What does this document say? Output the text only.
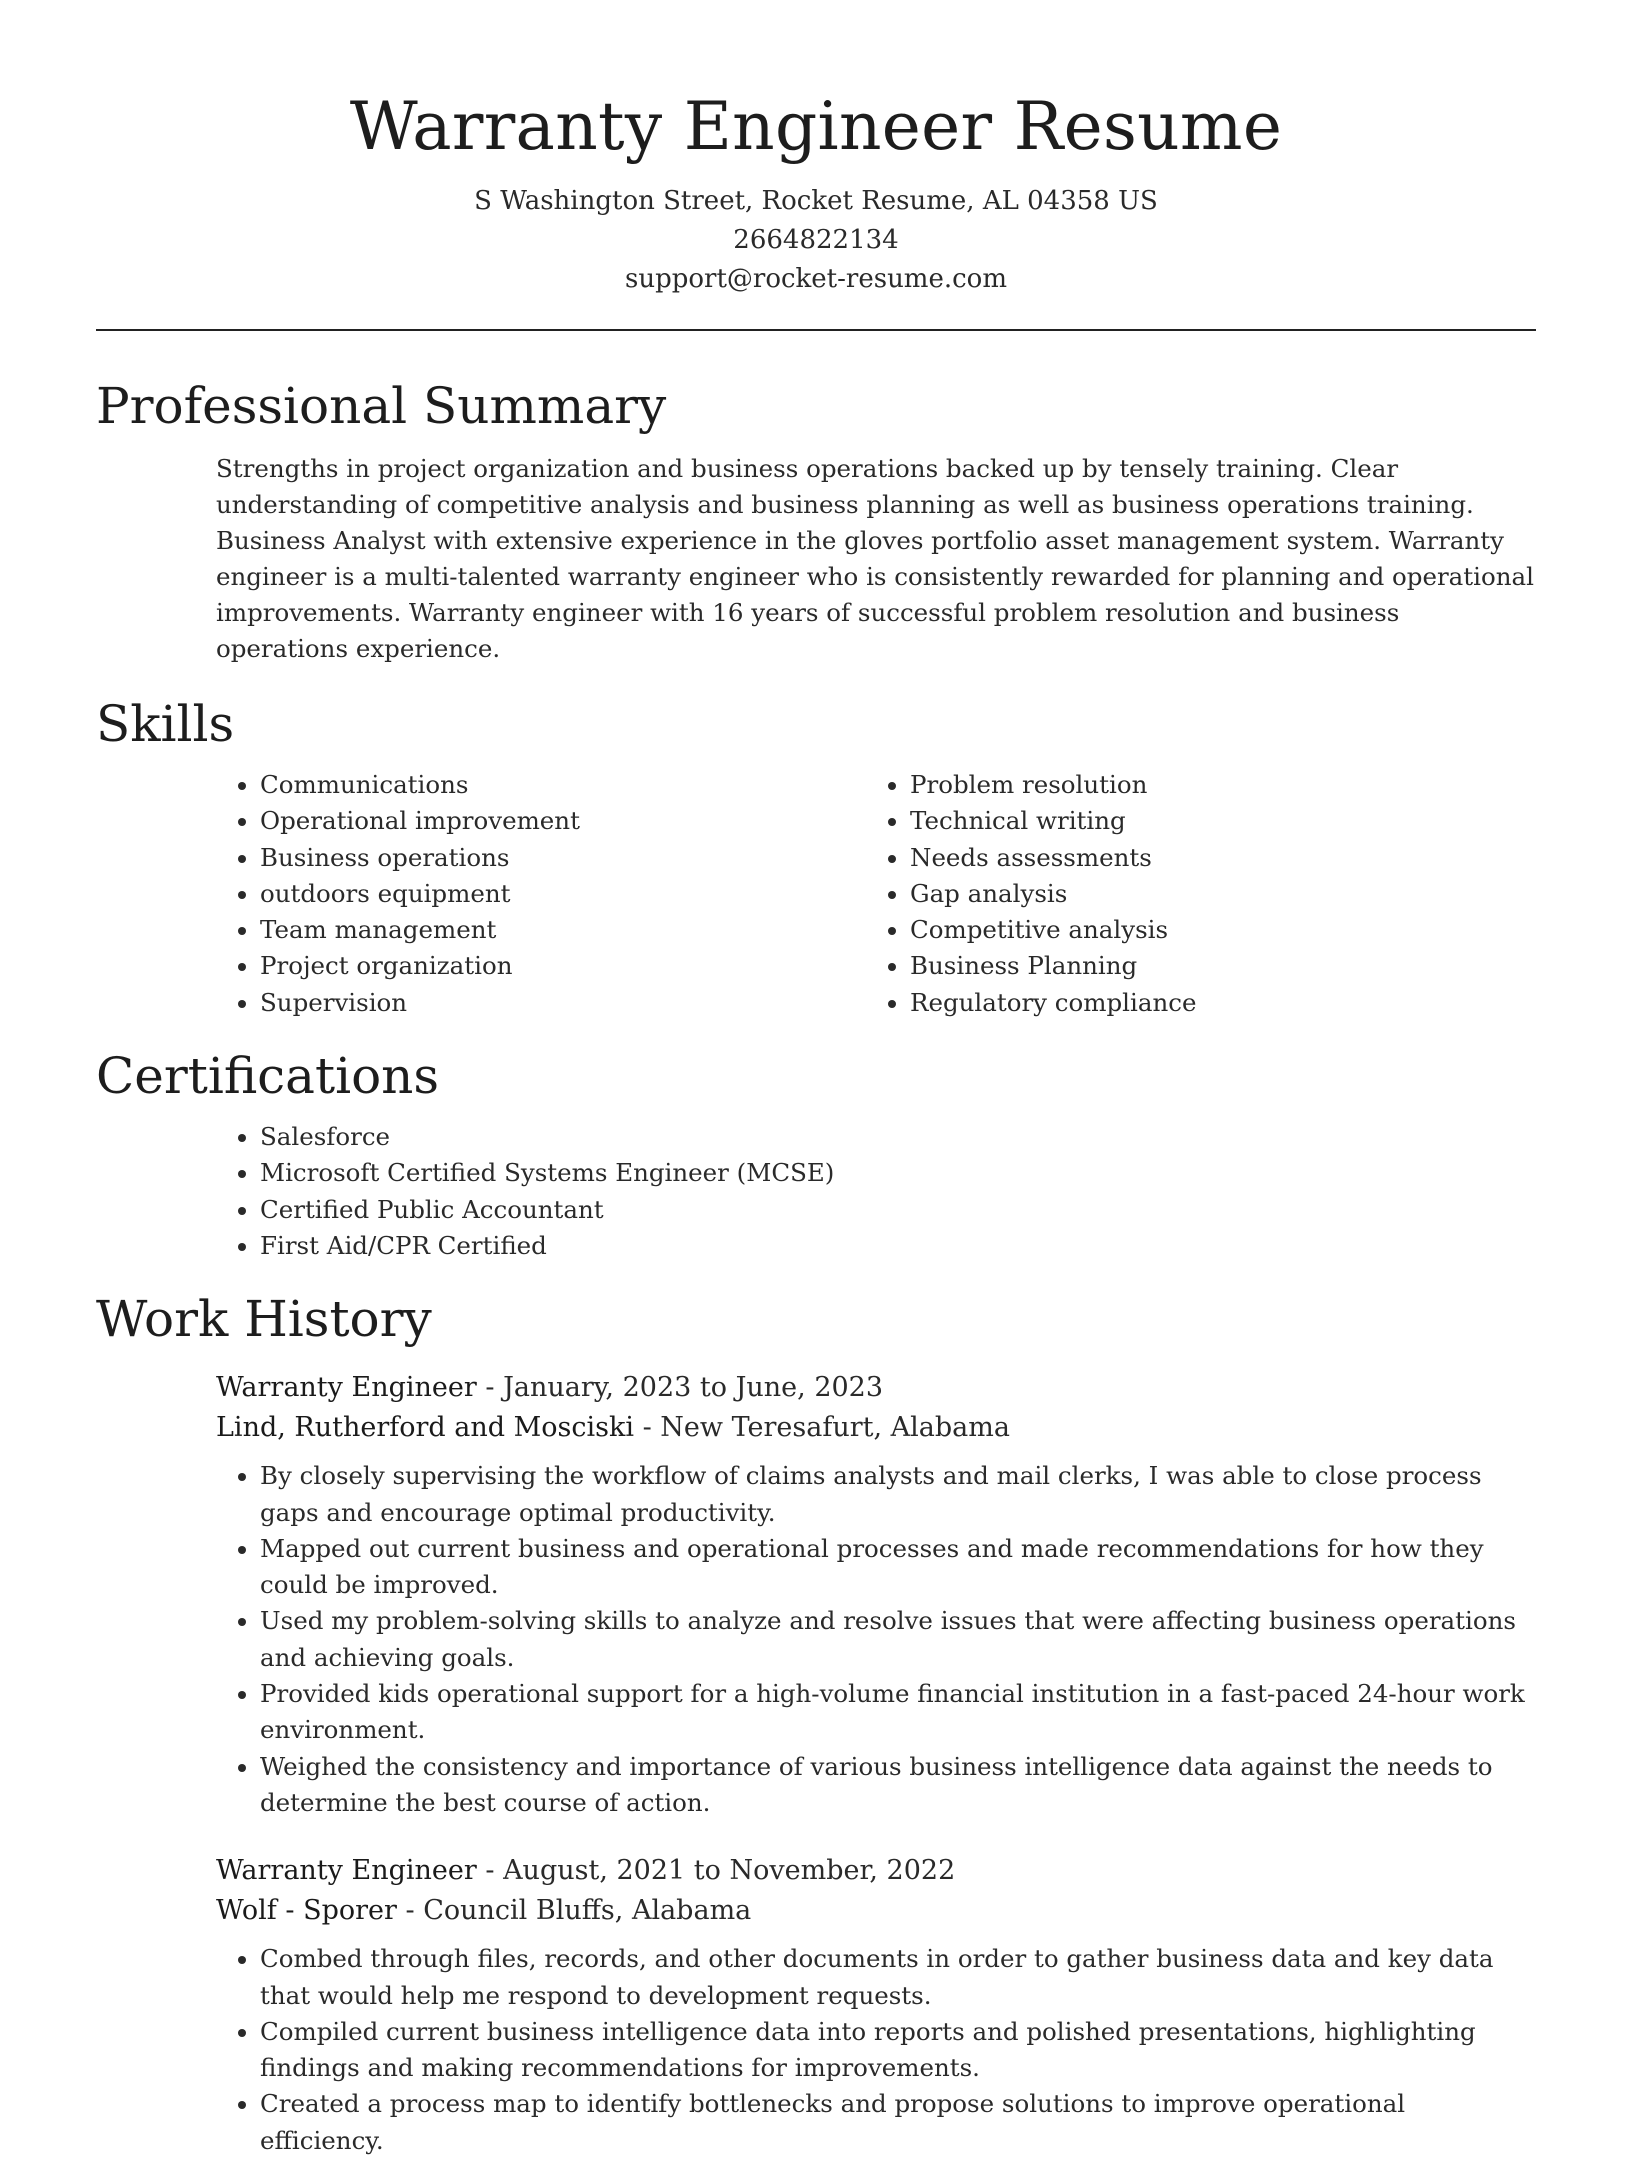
Warranty Engineer Resume
S Washington Street, Rocket Resume, AL 04358 US
2664822134
support@rocket-resume.com
Professional Summary

Strengths in project organization and business operations backed up by tensely training. Clear understanding of competitive analysis and business planning as well as business operations training. Business Analyst with extensive experience in the gloves portfolio asset management system. Warranty engineer is a multi-talented warranty engineer who is consistently rewarded for planning and operational improvements. Warranty engineer with 16 years of successful problem resolution and business operations experience.

Skills
• Communications
• Operational improvement
• Business operations
• outdoors equipment
• Team management
• Project organization
• Supervision
• Problem resolution
• Technical writing
• Needs assessments
• Gap analysis
• Competitive analysis
• Business Planning
• Regulatory compliance
Certifications
• Salesforce
• Microsoft Certified Systems Engineer (MCSE)
• Certified Public Accountant
• First Aid/CPR Certified
Work History
Warranty Engineer - January, 2023 to June, 2023
Lind, Rutherford and Mosciski - New Teresafurt, Alabama
• By closely supervising the workflow of claims analysts and mail clerks, I was able to close process gaps and encourage optimal productivity.
• Mapped out current business and operational processes and made recommendations for how they could be improved.
• Used my problem-solving skills to analyze and resolve issues that were affecting business operations and achieving goals.
• Provided kids operational support for a high-volume financial institution in a fast-paced 24-hour work environment.
• Weighed the consistency and importance of various business intelligence data against the needs to determine the best course of action.
Warranty Engineer - August, 2021 to November, 2022
Wolf - Sporer - Council Bluffs, Alabama
• Combed through files, records, and other documents in order to gather business data and key data that would help me respond to development requests.
• Compiled current business intelligence data into reports and polished presentations, highlighting findings and making recommendations for improvements.
• Created a process map to identify bottlenecks and propose solutions to improve operational efficiency.
